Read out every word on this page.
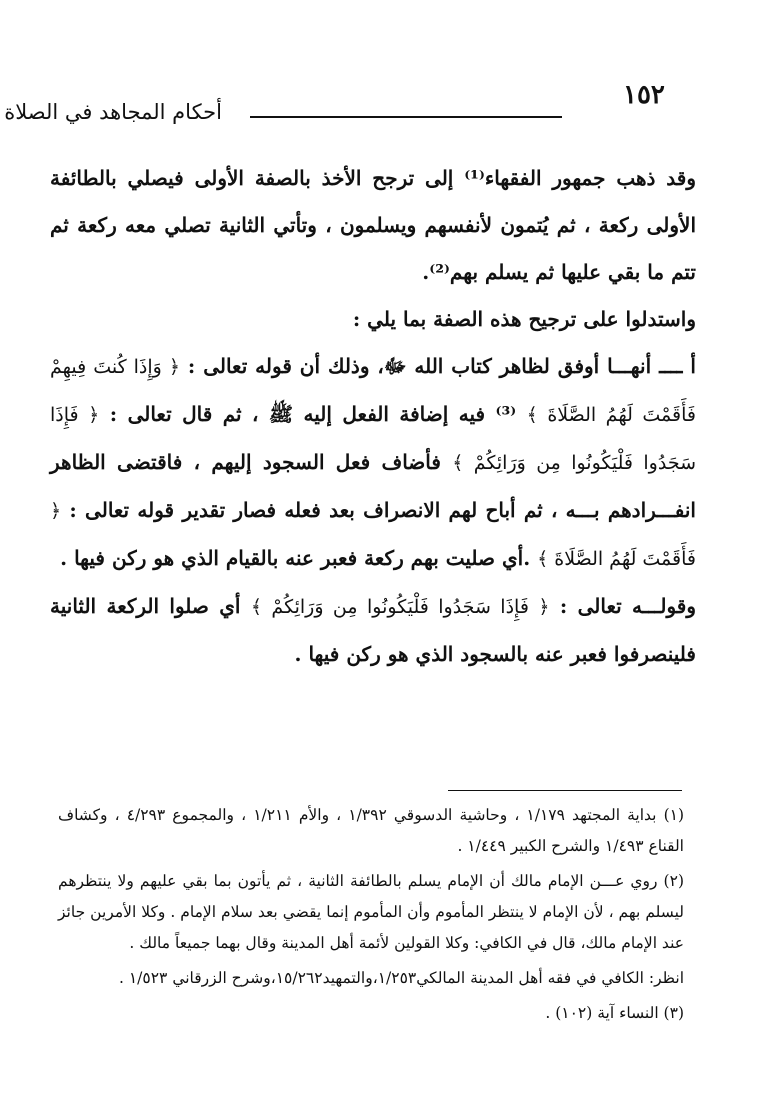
١٥٢
أحكام المجاهد في الصلاة

وقد ذهب جمهور الفقهاء⁽¹⁾ إلى ترجح الأخذ بالصفة الأولى فيصلي بالطائفة الأولى ركعة ، ثم يُتمون لأنفسهم ويسلمون ، وتأتي الثانية تصلي معه ركعة ثم تتم ما بقي عليها ثم يسلم بهم⁽²⁾.

واستدلوا على ترجيح هذه الصفة بما يلي :

أ ــــ أنهـــا أوفق لظاهر كتاب الله ﷻ، وذلك أن قوله تعالى : ﴿ وَإِذَا كُنتَ فِيهِمْ فَأَقَمْتَ لَهُمُ الصَّلَاةَ ﴾ ⁽³⁾ فيه إضافة الفعل إليه ﷺ ، ثم قال تعالى : ﴿ فَإِذَا سَجَدُوا فَلْيَكُونُوا مِن وَرَائِكُمْ ﴾ فأضاف فعل السجود إليهم ، فاقتضى الظاهر انفـــرادهم بـــه ، ثم أباح لهم الانصراف بعد فعله فصار تقدير قوله تعالى : ﴿ فَأَقَمْتَ لَهُمُ الصَّلَاةَ ﴾ .أي صليت بهم ركعة فعبر عنه بالقيام الذي هو ركن فيها .

وقولـــه تعالى : ﴿ فَإِذَا سَجَدُوا فَلْيَكُونُوا مِن وَرَائِكُمْ ﴾ أي صلوا الركعة الثانية فلينصرفوا فعبر عنه بالسجود الذي هو ركن فيها .

(١) بداية المجتهد ١/١٧٩ ، وحاشية الدسوقي ١/٣٩٢ ، والأم ١/٢١١ ، والمجموع ٤/٢٩٣ ، وكشاف القناع ١/٤٩٣ والشرح الكبير ١/٤٤٩ .

(٢) روي عـــن الإمام مالك أن الإمام يسلم بالطائفة الثانية ، ثم يأتون بما بقي عليهم ولا ينتظرهم ليسلم بهم ، لأن الإمام لا ينتظر المأموم وأن المأموم إنما يقضي بعد سلام الإمام . وكلا الأمرين جائز عند الإمام مالك، قال في الكافي: وكلا القولين لأئمة أهل المدينة وقال بهما جميعاً مالك .

انظر: الكافي في فقه أهل المدينة المالكي١/٢٥٣،والتمهيد١٥/٢٦٢،وشرح الزرقاني ١/٥٢٣ .

(٣) النساء آية (١٠٢) .
